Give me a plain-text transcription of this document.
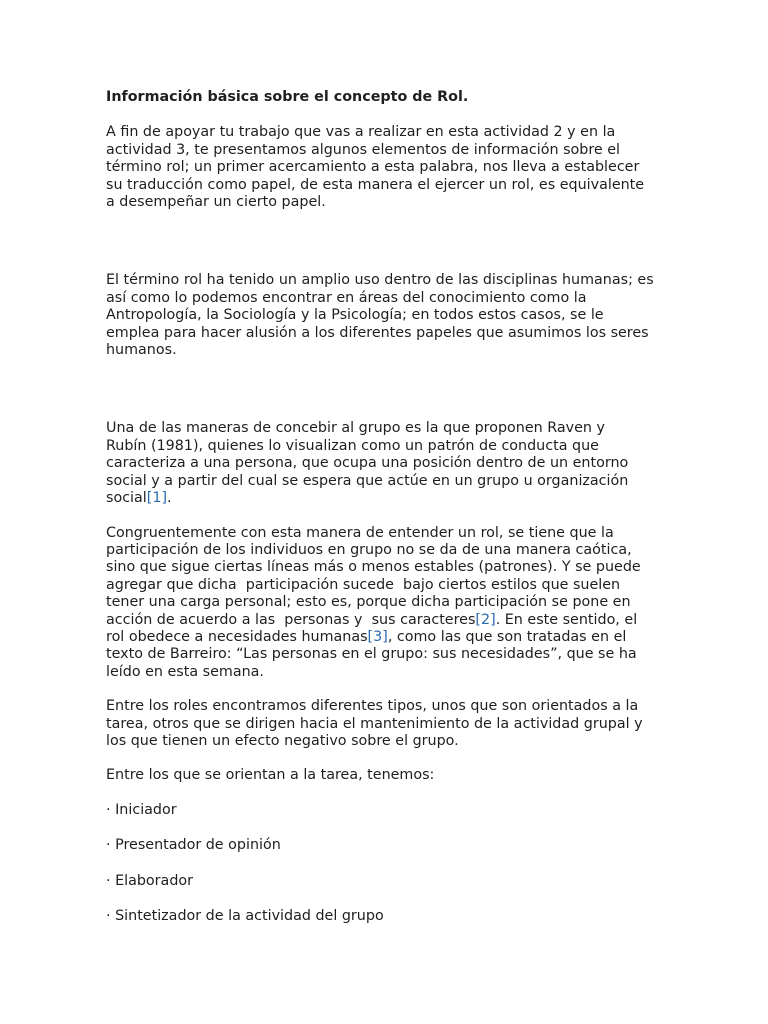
Información básica sobre el concepto de Rol.

A fin de apoyar tu trabajo que vas a realizar en esta actividad 2 y en la
actividad 3, te presentamos algunos elementos de información sobre el
término rol; un primer acercamiento a esta palabra, nos lleva a establecer
su traducción como papel, de esta manera el ejercer un rol, es equivalente
a desempeñar un cierto papel.

El término rol ha tenido un amplio uso dentro de las disciplinas humanas; es
así como lo podemos encontrar en áreas del conocimiento como la
Antropología, la Sociología y la Psicología; en todos estos casos, se le
emplea para hacer alusión a los diferentes papeles que asumimos los seres
humanos.

Una de las maneras de concebir al grupo es la que proponen Raven y
Rubín (1981), quienes lo visualizan como un patrón de conducta que
caracteriza a una persona, que ocupa una posición dentro de un entorno
social y a partir del cual se espera que actúe en un grupo u organización
social[1].

Congruentemente con esta manera de entender un rol, se tiene que la
participación de los individuos en grupo no se da de una manera caótica,
sino que sigue ciertas líneas más o menos estables (patrones). Y se puede
agregar que dicha  participación sucede  bajo ciertos estilos que suelen
tener una carga personal; esto es, porque dicha participación se pone en
acción de acuerdo a las  personas y  sus caracteres[2]. En este sentido, el
rol obedece a necesidades humanas[3], como las que son tratadas en el
texto de Barreiro: “Las personas en el grupo: sus necesidades”, que se ha
leído en esta semana.

Entre los roles encontramos diferentes tipos, unos que son orientados a la
tarea, otros que se dirigen hacia el mantenimiento de la actividad grupal y
los que tienen un efecto negativo sobre el grupo.

Entre los que se orientan a la tarea, tenemos:

· Iniciador

· Presentador de opinión

· Elaborador

· Sintetizador de la actividad del grupo
